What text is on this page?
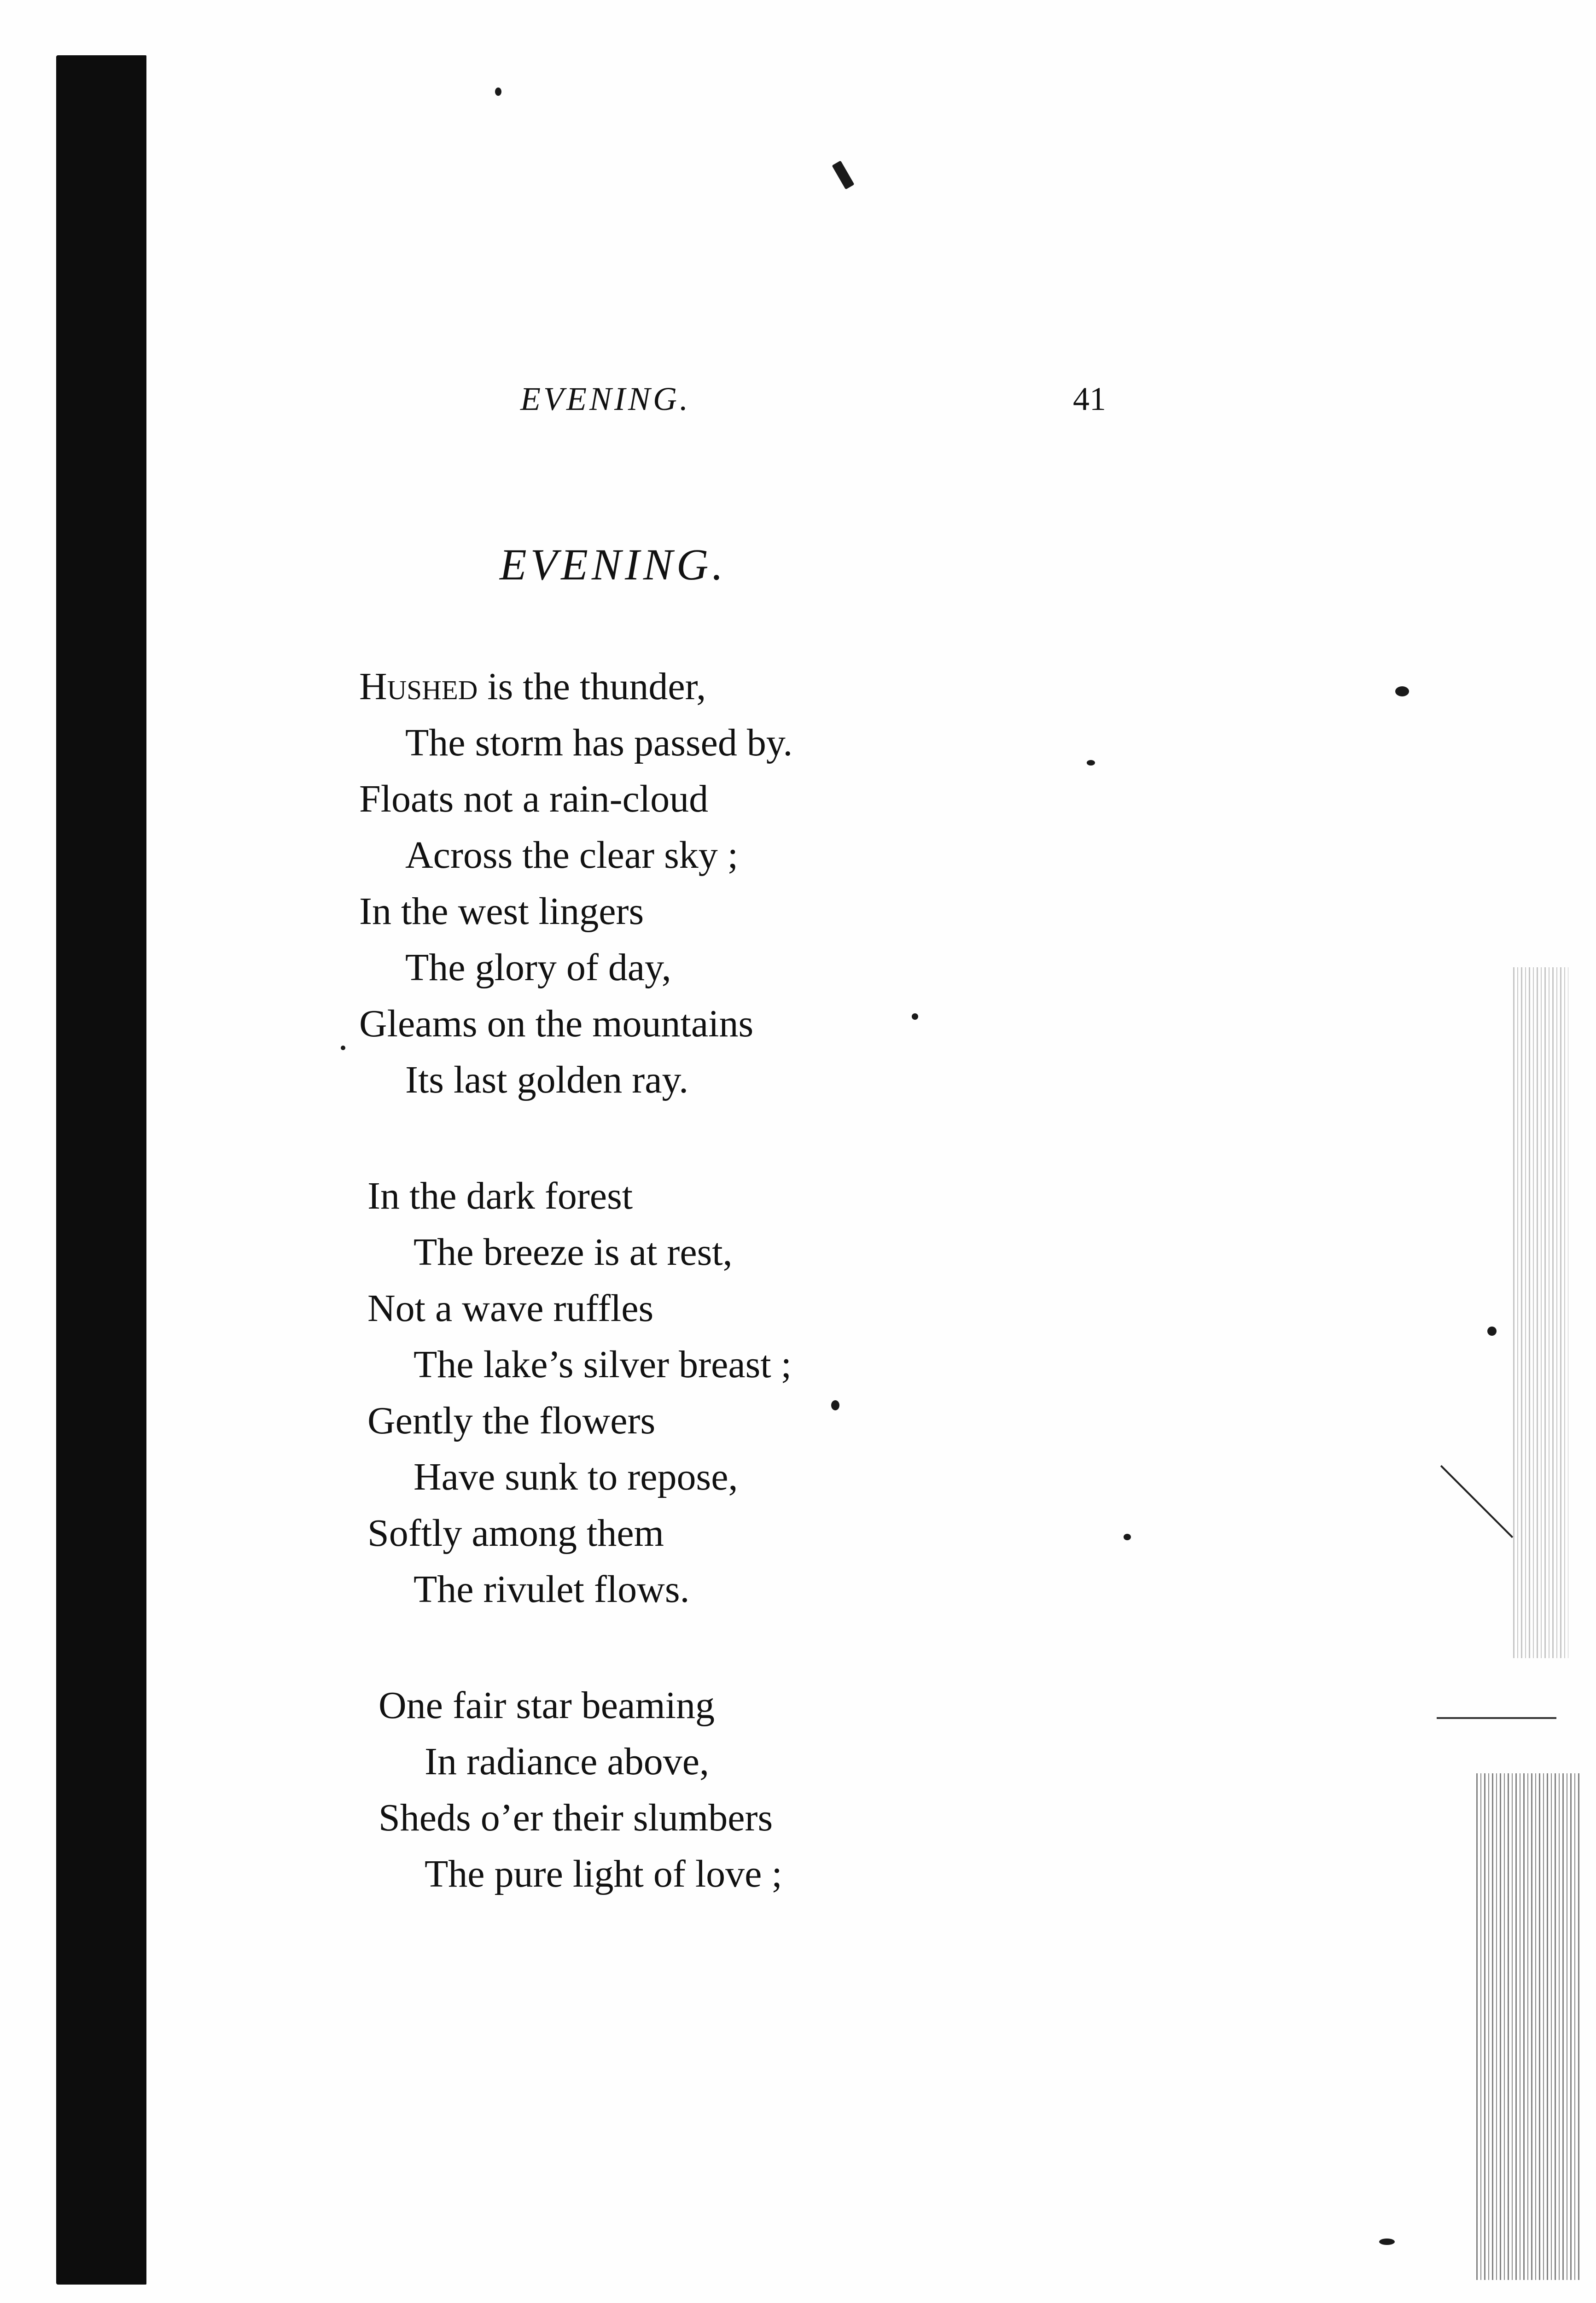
EVENING.	41
EVENING.
Hushed is the thunder,
The storm has passed by.
Floats not a rain-cloud
Across the clear sky ;
In the west lingers
The glory of day,
Gleams on the mountains
Its last golden ray.
In the dark forest
The breeze is at rest,
Not a wave ruffles
The lake’s silver breast ;
Gently the flowers
Have sunk to repose,
Softly among them
The rivulet flows.
One fair star beaming
In radiance above,
Sheds o’er their slumbers
The pure light of love ;
